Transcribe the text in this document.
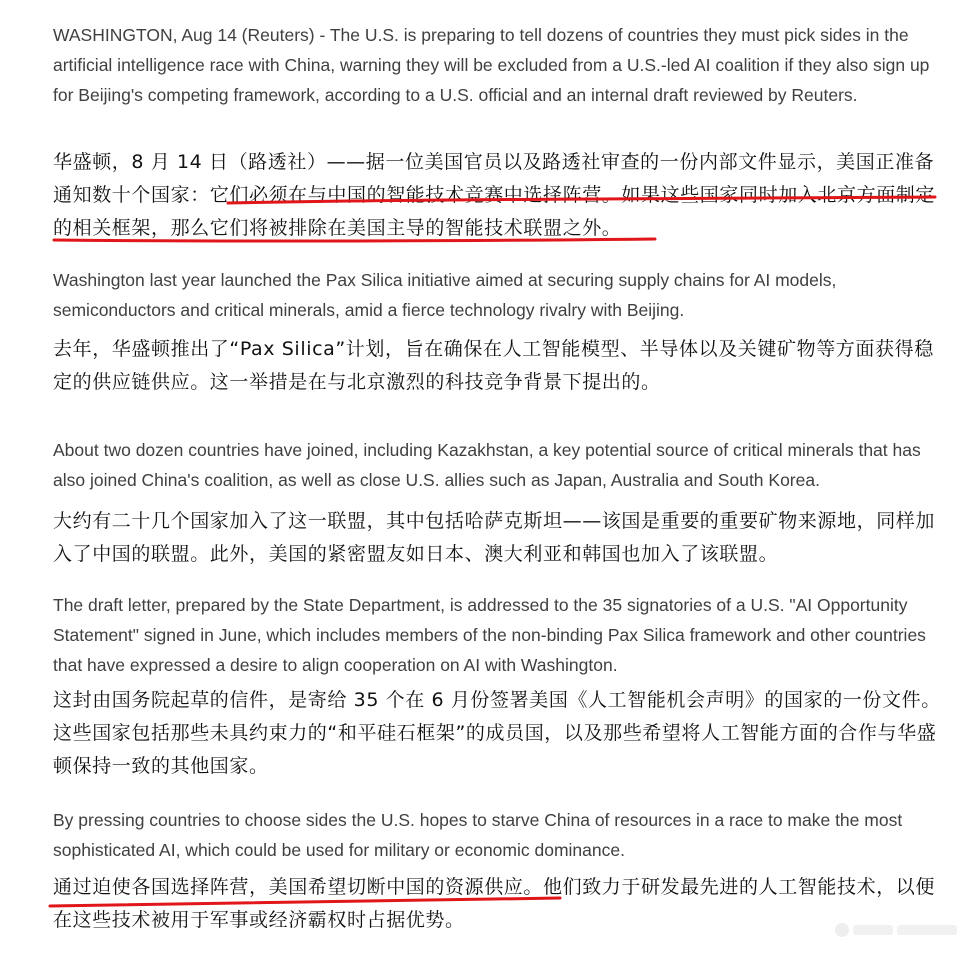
WASHINGTON, Aug 14 (Reuters) - The U.S. is preparing to tell dozens of countries they must pick sides in the artificial intelligence race with China, warning they will be excluded from a U.S.-led AI coalition if they also sign up for Beijing's competing framework, according to a U.S. official and an internal draft reviewed by Reuters.

华盛顿，8 月 14 日（路透社）——据一位美国官员以及路透社审查的一份内部文件显示，美国正准备通知数十个国家：它们必须在与中国的智能技术竞赛中选择阵营。如果这些国家同时加入北京方面制定的相关框架，那么它们将被排除在美国主导的智能技术联盟之外。

Washington last year launched the Pax Silica initiative aimed at securing supply chains for AI models, semiconductors and critical minerals, amid a fierce technology rivalry with Beijing.

去年，华盛顿推出了“Pax Silica”计划，旨在确保在人工智能模型、半导体以及关键矿物等方面获得稳定的供应链供应。这一举措是在与北京激烈的科技竞争背景下提出的。

About two dozen countries have joined, including Kazakhstan, a key potential source of critical minerals that has also joined China's coalition, as well as close U.S. allies such as Japan, Australia and South Korea.

大约有二十几个国家加入了这一联盟，其中包括哈萨克斯坦——该国是重要的重要矿物来源地，同样加入了中国的联盟。此外，美国的紧密盟友如日本、澳大利亚和韩国也加入了该联盟。

The draft letter, prepared by the State Department, is addressed to the 35 signatories of a U.S. "AI Opportunity Statement" signed in June, which includes members of the non-binding Pax Silica framework and other countries that have expressed a desire to align cooperation on AI with Washington.

这封由国务院起草的信件，是寄给 35 个在 6 月份签署美国《人工智能机会声明》的国家的一份文件。这些国家包括那些未具约束力的“和平硅石框架”的成员国，以及那些希望将人工智能方面的合作与华盛顿保持一致的其他国家。

By pressing countries to choose sides the U.S. hopes to starve China of resources in a race to make the most sophisticated AI, which could be used for military or economic dominance.

通过迫使各国选择阵营，美国希望切断中国的资源供应。他们致力于研发最先进的人工智能技术，以便在这些技术被用于军事或经济霸权时占据优势。
